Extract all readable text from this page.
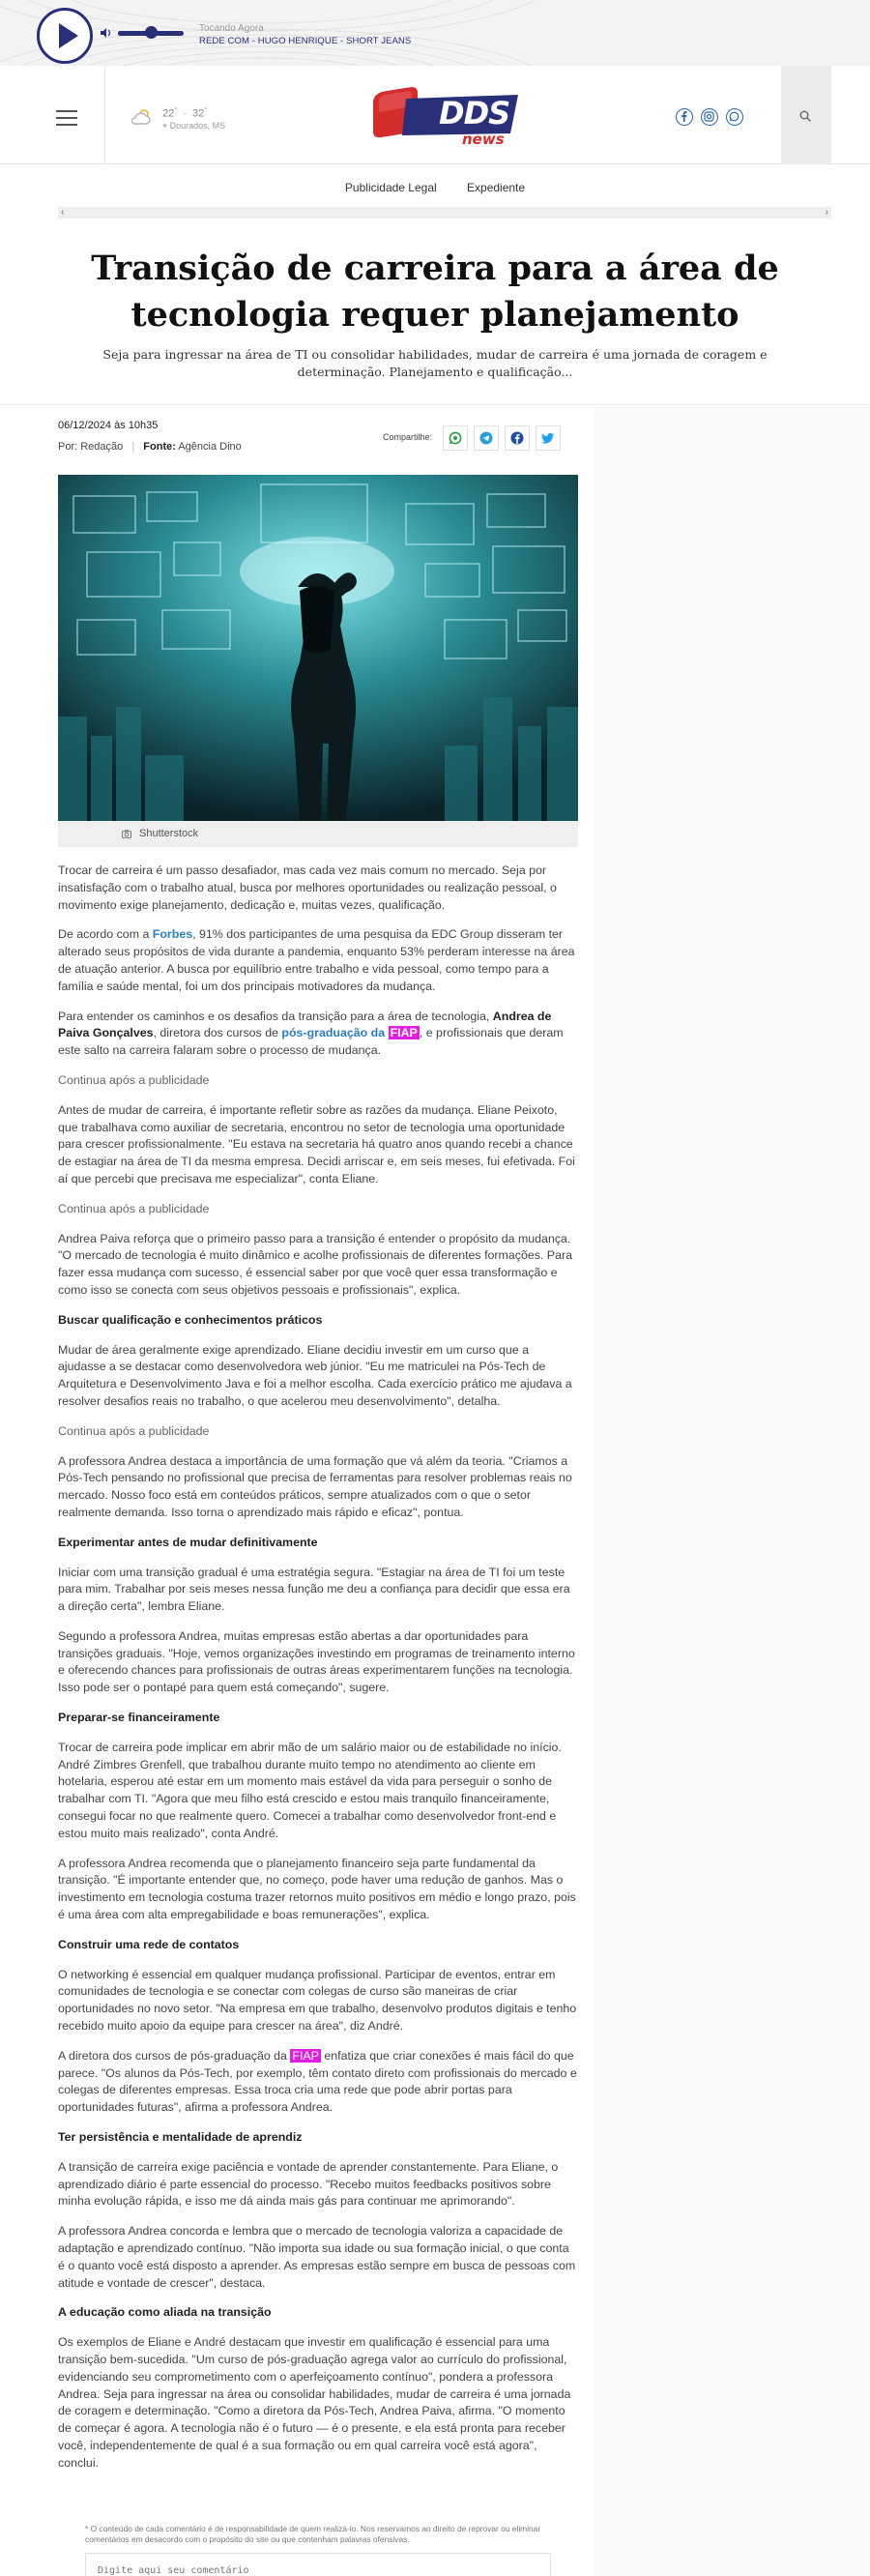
Tocando Agora
REDE COM - HUGO HENRIQUE - SHORT JEANS
22° - 32°
⌖ Dourados, MS	DDS
news
Publicidade Legal	Expediente
‹	›
Transição de carreira para a área de tecnologia requer planejamento

Seja para ingressar na área de TI ou consolidar habilidades, mudar de carreira é uma jornada de coragem e determinação. Planejamento e qualificação...

06/12/2024 às 10h35
Por: Redação | Fonte: Agência Dino
Compartilhe:
Shutterstock

Trocar de carreira é um passo desafiador, mas cada vez mais comum no mercado. Seja por insatisfação com o trabalho atual, busca por melhores oportunidades ou realização pessoal, o movimento exige planejamento, dedicação e, muitas vezes, qualificação.

De acordo com a Forbes, 91% dos participantes de uma pesquisa da EDC Group disseram ter alterado seus propósitos de vida durante a pandemia, enquanto 53% perderam interesse na área de atuação anterior. A busca por equilíbrio entre trabalho e vida pessoal, como tempo para a família e saúde mental, foi um dos principais motivadores da mudança.

Para entender os caminhos e os desafios da transição para a área de tecnologia, Andrea de Paiva Gonçalves, diretora dos cursos de pós-graduação da FIAP , e profissionais que deram este salto na carreira falaram sobre o processo de mudança.

Continua após a publicidade

Antes de mudar de carreira, é importante refletir sobre as razões da mudança. Eliane Peixoto, que trabalhava como auxiliar de secretaria, encontrou no setor de tecnologia uma oportunidade para crescer profissionalmente. "Eu estava na secretaria há quatro anos quando recebi a chance de estagiar na área de TI da mesma empresa. Decidi arriscar e, em seis meses, fui efetivada. Foi aí que percebi que precisava me especializar", conta Eliane.

Continua após a publicidade

Andrea Paiva reforça que o primeiro passo para a transição é entender o propósito da mudança. "O mercado de tecnologia é muito dinâmico e acolhe profissionais de diferentes formações. Para fazer essa mudança com sucesso, é essencial saber por que você quer essa transformação e como isso se conecta com seus objetivos pessoais e profissionais", explica.

Buscar qualificação e conhecimentos práticos

Mudar de área geralmente exige aprendizado. Eliane decidiu investir em um curso que a ajudasse a se destacar como desenvolvedora web júnior. "Eu me matriculei na Pós-Tech de Arquitetura e Desenvolvimento Java e foi a melhor escolha. Cada exercício prático me ajudava a resolver desafios reais no trabalho, o que acelerou meu desenvolvimento", detalha.

Continua após a publicidade

A professora Andrea destaca a importância de uma formação que vá além da teoria. "Criamos a Pós-Tech pensando no profissional que precisa de ferramentas para resolver problemas reais no mercado. Nosso foco está em conteúdos práticos, sempre atualizados com o que o setor realmente demanda. Isso torna o aprendizado mais rápido e eficaz", pontua.

Experimentar antes de mudar definitivamente

Iniciar com uma transição gradual é uma estratégia segura. "Estagiar na área de TI foi um teste para mim. Trabalhar por seis meses nessa função me deu a confiança para decidir que essa era a direção certa", lembra Eliane.

Segundo a professora Andrea, muitas empresas estão abertas a dar oportunidades para transições graduais. "Hoje, vemos organizações investindo em programas de treinamento interno e oferecendo chances para profissionais de outras áreas experimentarem funções na tecnologia. Isso pode ser o pontapé para quem está começando", sugere.

Preparar-se financeiramente

Trocar de carreira pode implicar em abrir mão de um salário maior ou de estabilidade no início. André Zimbres Grenfell, que trabalhou durante muito tempo no atendimento ao cliente em hotelaria, esperou até estar em um momento mais estável da vida para perseguir o sonho de trabalhar com TI. "Agora que meu filho está crescido e estou mais tranquilo financeiramente, consegui focar no que realmente quero. Comecei a trabalhar como desenvolvedor front-end e estou muito mais realizado", conta André.

A professora Andrea recomenda que o planejamento financeiro seja parte fundamental da transição. "É importante entender que, no começo, pode haver uma redução de ganhos. Mas o investimento em tecnologia costuma trazer retornos muito positivos em médio e longo prazo, pois é uma área com alta empregabilidade e boas remunerações", explica.

Construir uma rede de contatos

O networking é essencial em qualquer mudança profissional. Participar de eventos, entrar em comunidades de tecnologia e se conectar com colegas de curso são maneiras de criar oportunidades no novo setor. "Na empresa em que trabalho, desenvolvo produtos digitais e tenho recebido muito apoio da equipe para crescer na área", diz André.

A diretora dos cursos de pós-graduação da FIAP enfatiza que criar conexões é mais fácil do que parece. "Os alunos da Pós-Tech, por exemplo, têm contato direto com profissionais do mercado e colegas de diferentes empresas. Essa troca cria uma rede que pode abrir portas para oportunidades futuras", afirma a professora Andrea.

Ter persistência e mentalidade de aprendiz

A transição de carreira exige paciência e vontade de aprender constantemente. Para Eliane, o aprendizado diário é parte essencial do processo. "Recebo muitos feedbacks positivos sobre minha evolução rápida, e isso me dá ainda mais gás para continuar me aprimorando".

A professora Andrea concorda e lembra que o mercado de tecnologia valoriza a capacidade de adaptação e aprendizado contínuo. "Não importa sua idade ou sua formação inicial, o que conta é o quanto você está disposto a aprender. As empresas estão sempre em busca de pessoas com atitude e vontade de crescer", destaca.

A educação como aliada na transição

Os exemplos de Eliane e André destacam que investir em qualificação é essencial para uma transição bem-sucedida. "Um curso de pós-graduação agrega valor ao currículo do profissional, evidenciando seu comprometimento com o aperfeiçoamento contínuo", pondera a professora Andrea. Seja para ingressar na área ou consolidar habilidades, mudar de carreira é uma jornada de coragem e determinação. "Como a diretora da Pós-Tech, Andrea Paiva, afirma. "O momento de começar é agora. A tecnologia não é o futuro — é o presente, e ela está pronta para receber você, independentemente de qual é a sua formação ou em qual carreira você está agora", conclui.

* O conteúdo de cada comentário é de responsabilidade de quem realizá-lo. Nos reservamos ao direito de reprovar ou eliminar comentários em desacordo com o propósito do site ou que contenham palavras ofensivas.
Digite aqui seu comentário
